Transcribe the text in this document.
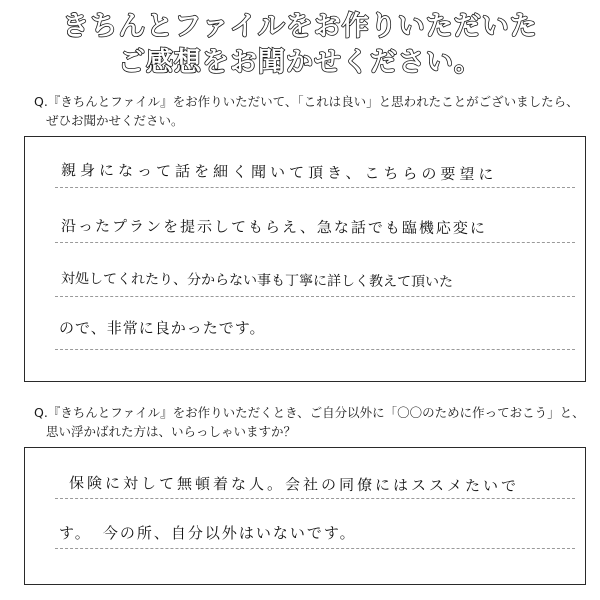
きちんとファイルをお作りいただいた
ご感想をお聞かせください。
Q.『きちんとファイル』をお作りいただいて、「これは良い」と思われたことがございましたら、
ぜひお聞かせください。
親身になって話を細く聞いて頂き、こちらの要望に
沿ったプランを提示してもらえ、急な話でも臨機応変に
対処してくれたり、分からない事も丁寧に詳しく教えて頂いた
ので、非常に良かったです。
Q.『きちんとファイル』をお作りいただくとき、ご自分以外に「〇〇のために作っておこう」と、
思い浮かばれた方は、いらっしゃいますか？
保険に対して無頓着な人。会社の同僚にはススメたいで
す。 今の所、自分以外はいないです。
